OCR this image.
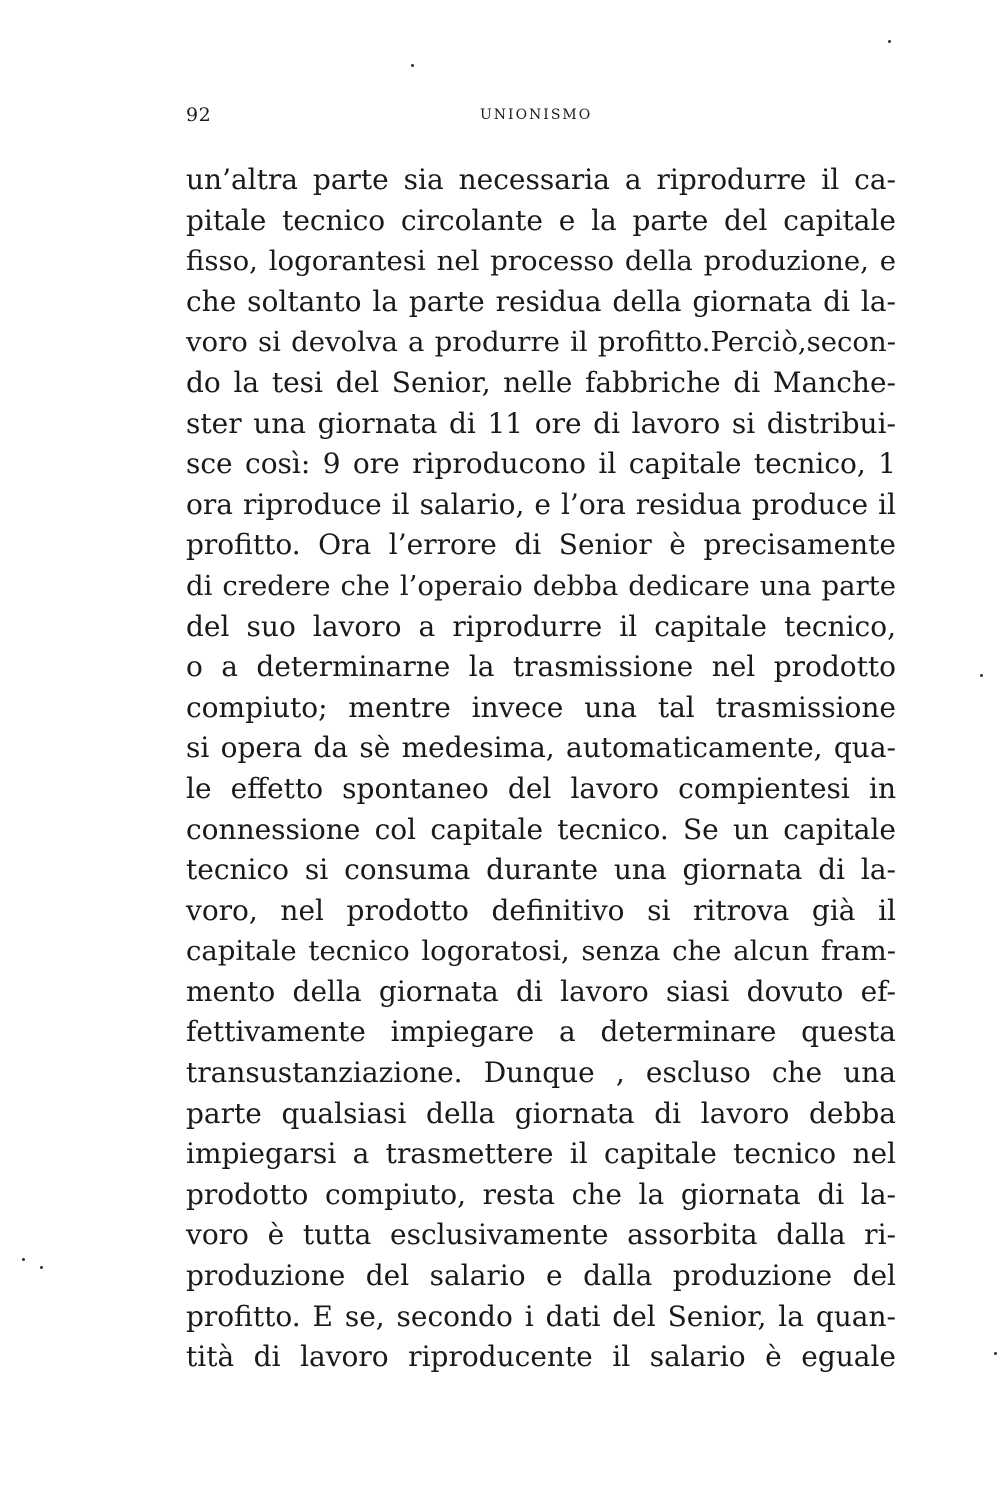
92	UNIONISMO
un’altra parte sia necessaria a riprodurre il ca-
pitale tecnico circolante e la parte del capitale
fisso, logorantesi nel processo della produzione, e
che soltanto la parte residua della giornata di la-
voro si devolva a produrre il profitto.Perciò,secon-
do la tesi del Senior, nelle fabbriche di Manche-
ster una giornata di 11 ore di lavoro si distribui-
sce così: 9 ore riproducono il capitale tecnico, 1
ora riproduce il salario, e l’ora residua produce il
profitto. Ora l’errore di Senior è precisamente
di credere che l’operaio debba dedicare una parte
del suo lavoro a riprodurre il capitale tecnico,
o a determinarne la trasmissione nel prodotto
compiuto; mentre invece una tal trasmissione
si opera da sè medesima, automaticamente, qua-
le effetto spontaneo del lavoro compientesi in
connessione col capitale tecnico. Se un capitale
tecnico si consuma durante una giornata di la-
voro, nel prodotto definitivo si ritrova già il
capitale tecnico logoratosi, senza che alcun fram-
mento della giornata di lavoro siasi dovuto ef-
fettivamente impiegare a determinare questa
transustanziazione. Dunque , escluso che una
parte qualsiasi della giornata di lavoro debba
impiegarsi a trasmettere il capitale tecnico nel
prodotto compiuto, resta che la giornata di la-
voro è tutta esclusivamente assorbita dalla ri-
produzione del salario e dalla produzione del
profitto. E se, secondo i dati del Senior, la quan-
tità di lavoro riproducente il salario è eguale
